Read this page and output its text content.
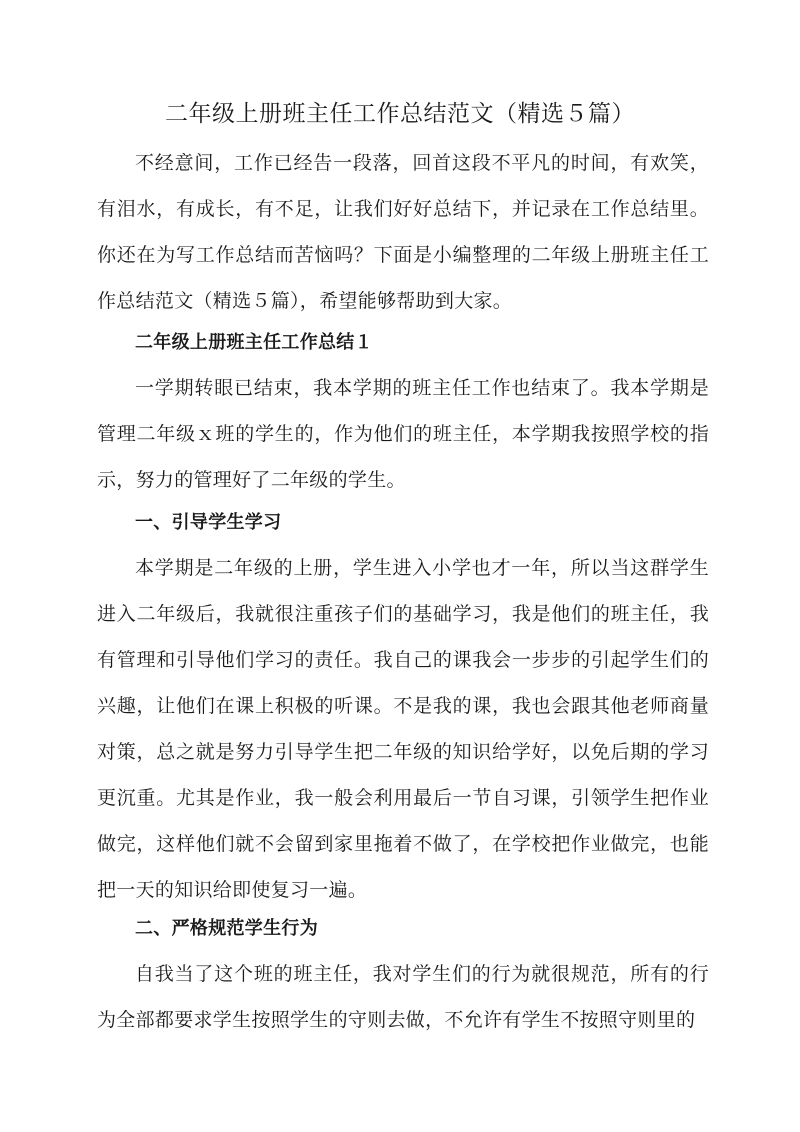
二年级上册班主任工作总结范文（精选５篇）

不经意间，工作已经告一段落，回首这段不平凡的时间，有欢笑，有泪水，有成长，有不足，让我们好好总结下，并记录在工作总结里。你还在为写工作总结而苦恼吗？下面是小编整理的二年级上册班主任工作总结范文（精选５篇），希望能够帮助到大家。

二年级上册班主任工作总结１

一学期转眼已结束，我本学期的班主任工作也结束了。我本学期是管理二年级ｘ班的学生的，作为他们的班主任，本学期我按照学校的指示，努力的管理好了二年级的学生。

一、引导学生学习

本学期是二年级的上册，学生进入小学也才一年，所以当这群学生进入二年级后，我就很注重孩子们的基础学习，我是他们的班主任，我有管理和引导他们学习的责任。我自己的课我会一步步的引起学生们的兴趣，让他们在课上积极的听课。不是我的课，我也会跟其他老师商量对策，总之就是努力引导学生把二年级的知识给学好，以免后期的学习更沉重。尤其是作业，我一般会利用最后一节自习课，引领学生把作业做完，这样他们就不会留到家里拖着不做了，在学校把作业做完，也能把一天的知识给即使复习一遍。

二、严格规范学生行为

自我当了这个班的班主任，我对学生们的行为就很规范，所有的行为全部都要求学生按照学生的守则去做，不允许有学生不按照守则里的
